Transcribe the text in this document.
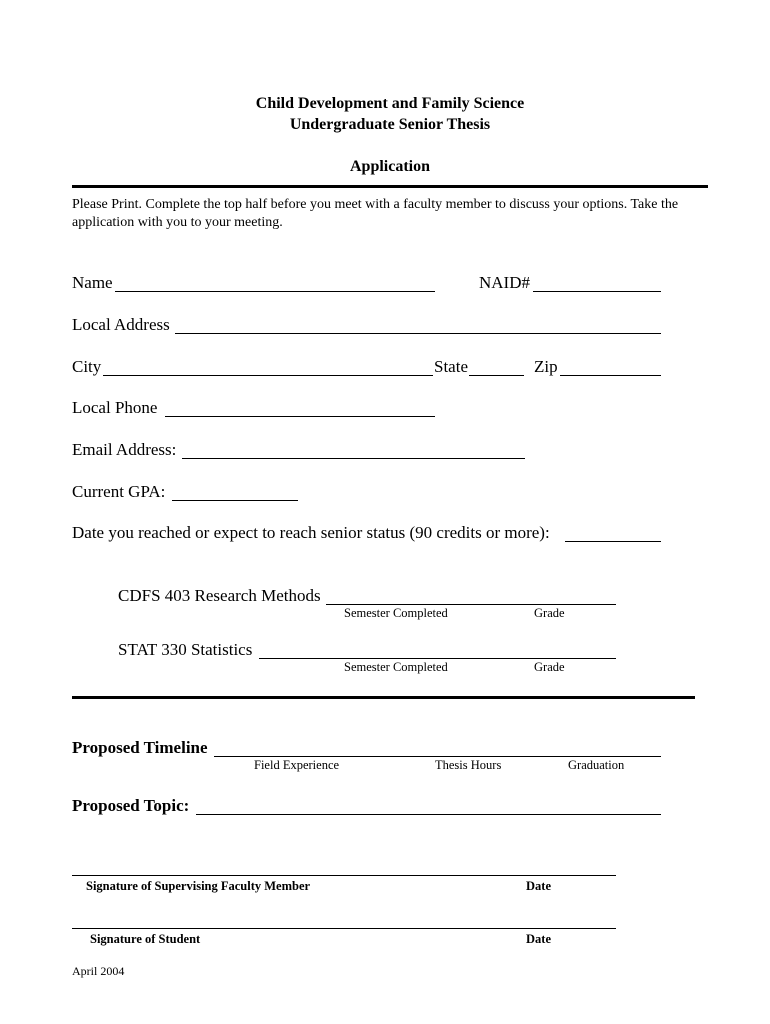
Child Development and Family Science
Undergraduate Senior Thesis
Application
Please Print. Complete the top half before you meet with a faculty member to discuss your options. Take the application with you to your meeting.
Name	NAID#
Local Address
City	State	Zip
Local Phone
Email Address:
Current GPA:
Date you reached or expect to reach senior status (90 credits or more):
CDFS 403 Research Methods
Semester Completed	Grade
STAT 330 Statistics
Semester Completed	Grade
Proposed Timeline
Field Experience	Thesis Hours	Graduation
Proposed Topic:
Signature of Supervising Faculty Member	Date
Signature of Student	Date
April 2004
